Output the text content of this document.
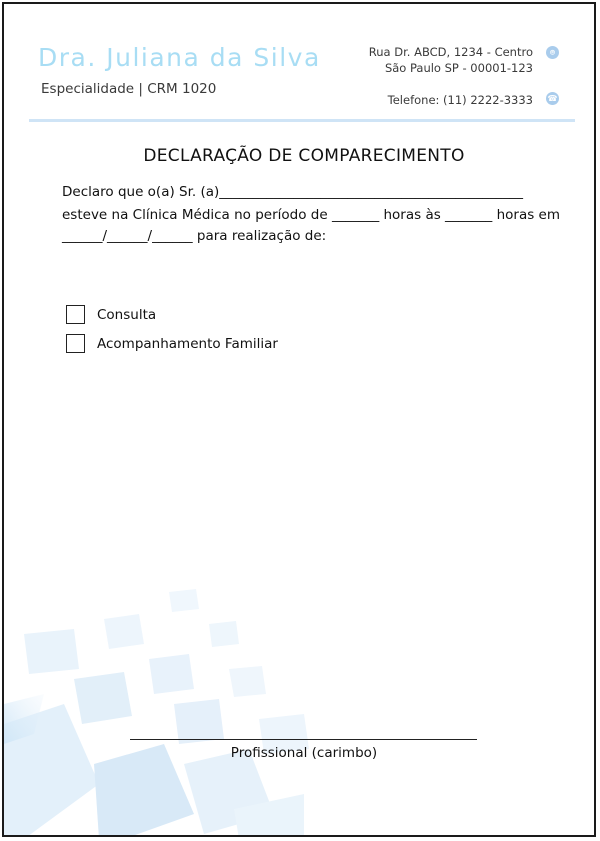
Dra. Juliana da Silva
Especialidade | CRM 1020
Rua Dr. ABCD, 1234 - Centro
São Paulo SP - 00001-123
⌾
Telefone: (11) 2222-3333 ☎
DECLARAÇÃO DE COMPARECIMENTO
Declaro que o(a) Sr. (a)_____________________________________________
esteve na Clínica Médica no período de _______ horas às _______ horas em
______/______/______ para realização de:
Consulta
Acompanhamento Familiar
Profissional (carimbo)
